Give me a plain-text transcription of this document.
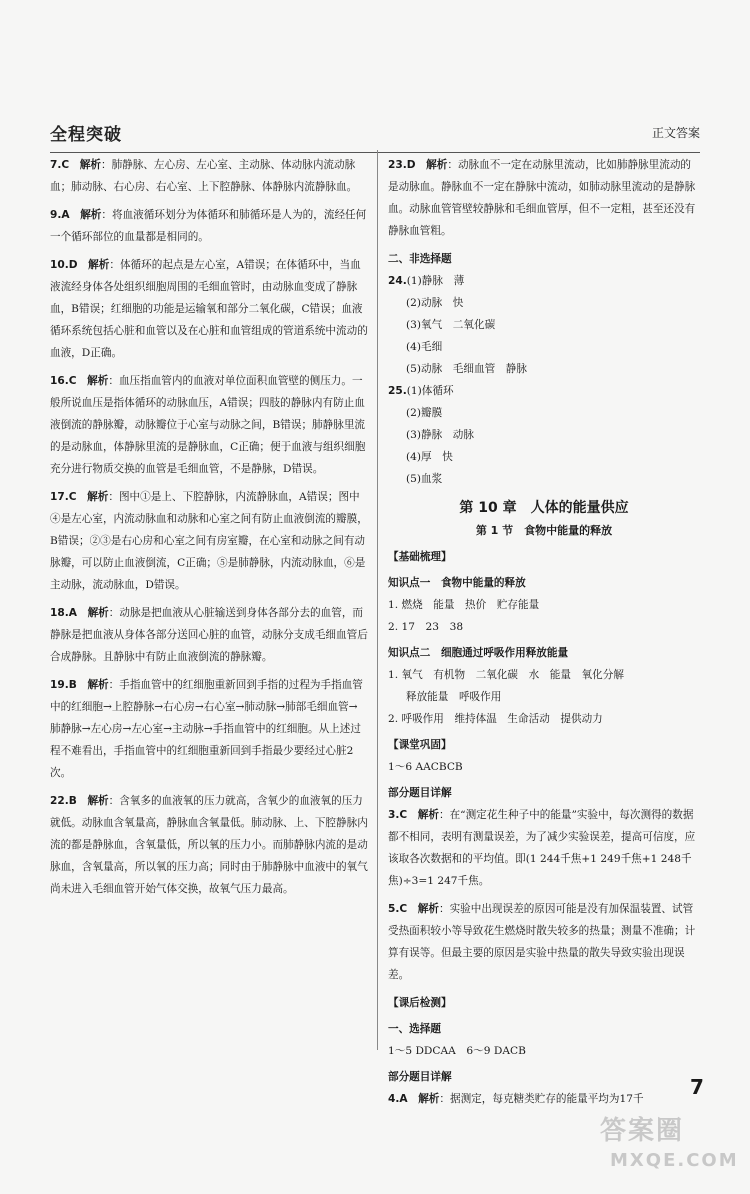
全程突破	正文答案

7.C　 解析：肺静脉、左心房、左心室、主动脉、体动脉内流动脉血；肺动脉、右心房、右心室、上下腔静脉、体静脉内流静脉血。

9.A　 解析：将血液循环划分为体循环和肺循环是人为的，流经任何一个循环部位的血量都是相同的。

10.D　 解析：体循环的起点是左心室，A错误；在体循环中，当血液流经身体各处组织细胞周围的毛细血管时，由动脉血变成了静脉血，B错误；红细胞的功能是运输氧和部分二氧化碳，C错误；血液循环系统包括心脏和血管以及在心脏和血管组成的管道系统中流动的血液，D正确。

16.C　 解析：血压指血管内的血液对单位面积血管壁的侧压力。一般所说血压是指体循环的动脉血压，A错误；四肢的静脉内有防止血液倒流的静脉瓣，动脉瓣位于心室与动脉之间，B错误；肺静脉里流的是动脉血，体静脉里流的是静脉血，C正确；便于血液与组织细胞充分进行物质交换的血管是毛细血管，不是静脉，D错误。

17.C　 解析：图中①是上、下腔静脉，内流静脉血，A错误；图中④是左心室，内流动脉血和动脉和心室之间有防止血液倒流的瓣膜，B错误；②③是右心房和心室之间有房室瓣，在心室和动脉之间有动脉瓣，可以防止血液倒流，C正确；⑤是肺静脉，内流动脉血，⑥是主动脉，流动脉血，D错误。

18.A　 解析：动脉是把血液从心脏输送到身体各部分去的血管，而静脉是把血液从身体各部分送回心脏的血管，动脉分支成毛细血管后合成静脉。且静脉中有防止血液倒流的静脉瓣。

19.B　 解析：手指血管中的红细胞重新回到手指的过程为手指血管中的红细胞→上腔静脉→右心房→右心室→肺动脉→肺部毛细血管→肺静脉→左心房→左心室→主动脉→手指血管中的红细胞。从上述过程不难看出，手指血管中的红细胞重新回到手指最少要经过心脏2次。

22.B　 解析：含氧多的血液氧的压力就高，含氧少的血液氧的压力就低。动脉血含氧量高，静脉血含氧量低。肺动脉、上、下腔静脉内流的都是静脉血，含氧量低，所以氧的压力小。而肺静脉内流的是动脉血，含氧量高，所以氧的压力高；同时由于肺静脉中血液中的氧气尚未进入毛细血管开始气体交换，故氧气压力最高。

23.D　 解析：动脉血不一定在动脉里流动，比如肺静脉里流动的是动脉血。静脉血不一定在静脉中流动，如肺动脉里流动的是静脉血。动脉血管管壁较静脉和毛细血管厚，但不一定粗，甚至还没有静脉血管粗。

二、非选择题

24.(1)静脉　薄

(2)动脉　快

(3)氧气　二氧化碳

(4)毛细

(5)动脉　毛细血管　静脉

25.(1)体循环

(2)瓣膜

(3)静脉　动脉

(4)厚　快

(5)血浆

第 10 章　人体的能量供应

第 1 节　食物中能量的释放

【基础梳理】

知识点一　食物中能量的释放

1. 燃烧　能量　热价　贮存能量

2. 17　23　38

知识点二　细胞通过呼吸作用释放能量

1. 氧气　有机物　二氧化碳　水　能量　氧化分解

释放能量　呼吸作用

2. 呼吸作用　维持体温　生命活动　提供动力

【课堂巩固】

1～6 AACBCB

部分题目详解

3.C　 解析：在“测定花生种子中的能量”实验中，每次测得的数据都不相同，表明有测量误差，为了减少实验误差，提高可信度，应该取各次数据和的平均值。即(1 244千焦+1 249千焦+1 248千焦)÷3=1 247千焦。

5.C　 解析：实验中出现误差的原因可能是没有加保温装置、试管受热面积较小等导致花生燃烧时散失较多的热量；测量不准确；计算有误等。但最主要的原因是实验中热量的散失导致实验出现误差。

【课后检测】

一、选择题

1～5 DDCAA　6～9 DACB

部分题目详解

4.A　 解析：据测定，每克糖类贮存的能量平均为17千	7
答案圈
MXQE.COM
